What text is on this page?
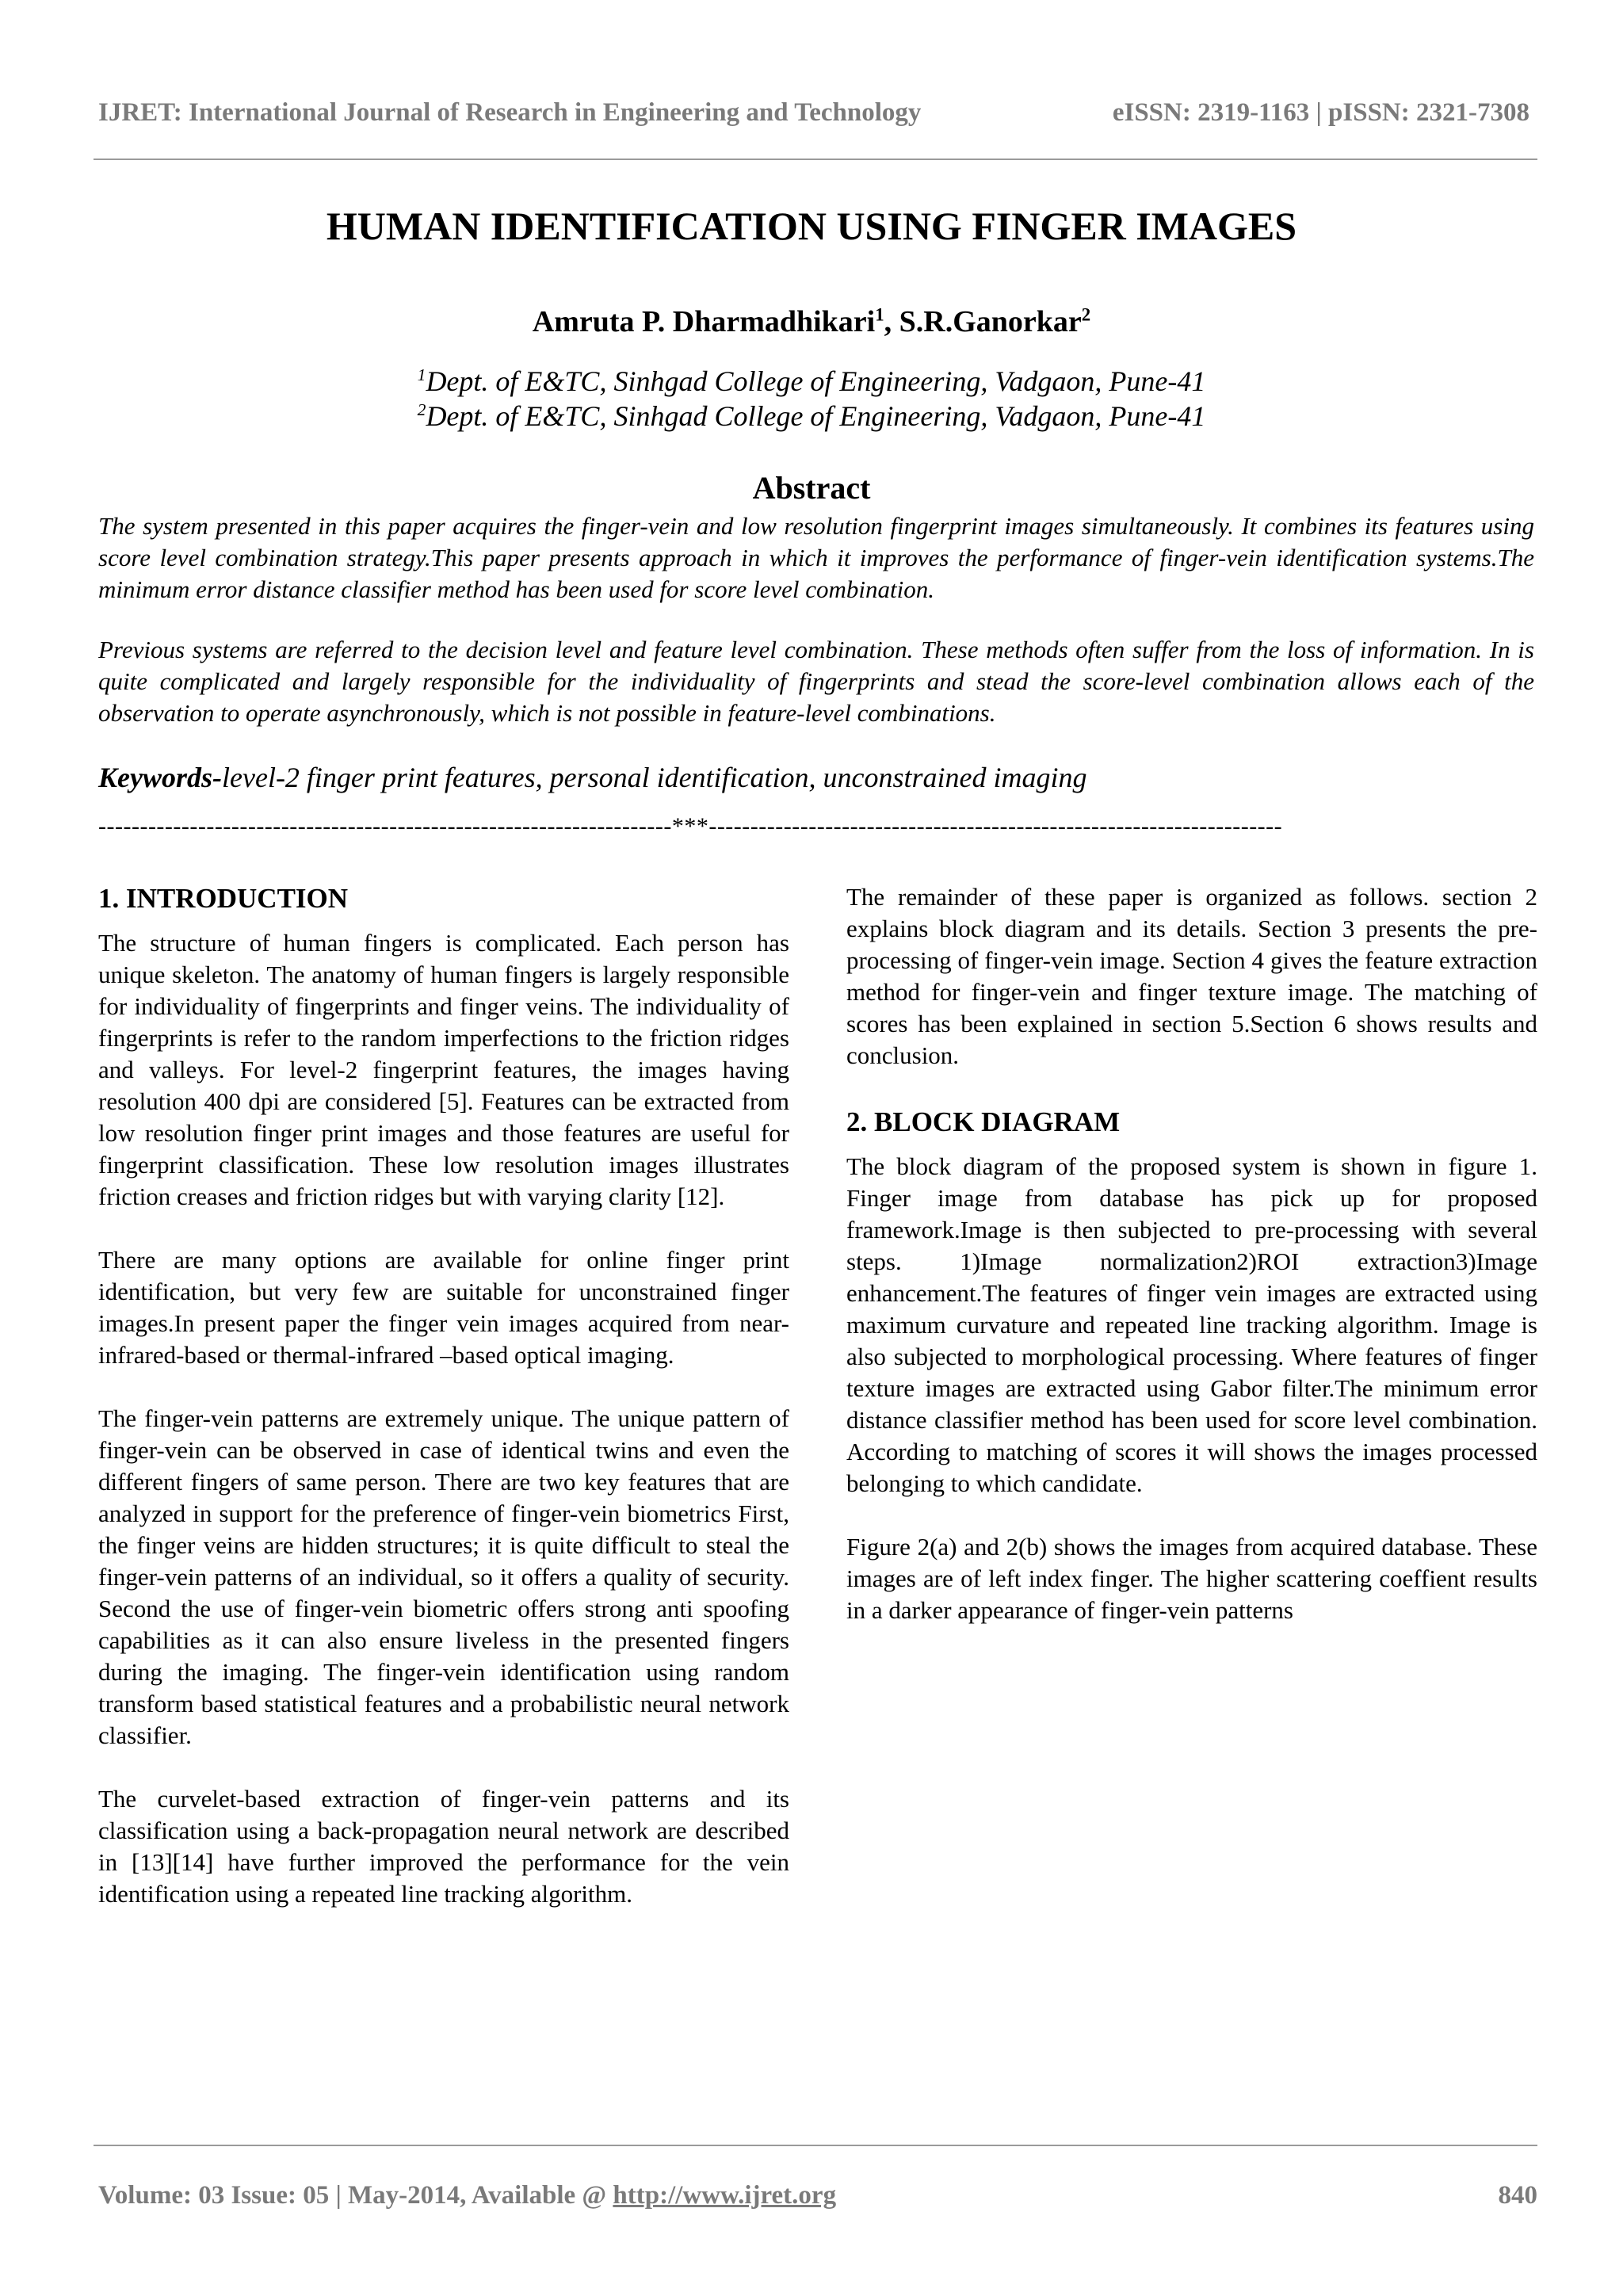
IJRET: International Journal of Research in Engineering and Technology	eISSN: 2319-1163 | pISSN: 2321-7308
HUMAN IDENTIFICATION USING FINGER IMAGES
Amruta P. Dharmadhikari$^1$, S.R.Ganorkar$^2$
$^1$Dept. of E&TC, Sinhgad College of Engineering, Vadgaon, Pune-41
$^2$Dept. of E&TC, Sinhgad College of Engineering, Vadgaon, Pune-41
Abstract
The system presented in this paper acquires the finger-vein and low resolution fingerprint images simultaneously. It combines its features using score level combination strategy.This paper presents approach in which it improves the performance of finger-vein identification systems.The minimum error distance classifier method has been used for score level combination.
Previous systems are referred to the decision level and feature level combination. These methods often suffer from the loss of information. In is quite complicated and largely responsible for the individuality of fingerprints and stead the score-level combination allows each of the observation to operate asynchronously, which is not possible in feature-level combinations.
Keywords-level-2 finger print features, personal identification, unconstrained imaging
---------------------------------------------------------------------***---------------------------------------------------------------------
1. INTRODUCTION

The structure of human fingers is complicated. Each person has unique skeleton. The anatomy of human fingers is largely responsible for individuality of fingerprints and finger veins. The individuality of fingerprints is refer to the random imperfections to the friction ridges and valleys. For level-2 fingerprint features, the images having resolution 400 dpi are considered [5]. Features can be extracted from low resolution finger print images and those features are useful for fingerprint classification. These low resolution images illustrates friction creases and friction ridges but with varying clarity [12].

There are many options are available for online finger print identification, but very few are suitable for unconstrained finger images.In present paper the finger vein images acquired from near-infrared-based or thermal-infrared –based optical imaging.

The finger-vein patterns are extremely unique. The unique pattern of finger-vein can be observed in case of identical twins and even the different fingers of same person. There are two key features that are analyzed in support for the preference of finger-vein biometrics First, the finger veins are hidden structures; it is quite difficult to steal the finger-vein patterns of an individual, so it offers a quality of security. Second the use of finger-vein biometric offers strong anti spoofing capabilities as it can also ensure liveless in the presented fingers during the imaging. The finger-vein identification using random transform based statistical features and a probabilistic neural network classifier.

The curvelet-based extraction of finger-vein patterns and its classification using a back-propagation neural network are described in [13][14] have further improved the performance for the vein identification using a repeated line tracking algorithm.

The remainder of these paper is organized as follows. section 2 explains block diagram and its details. Section 3 presents the pre-processing of finger-vein image. Section 4 gives the feature extraction method for finger-vein and finger texture image. The matching of scores has been explained in section 5.Section 6 shows results and conclusion.

2. BLOCK DIAGRAM

The block diagram of the proposed system is shown in figure 1. Finger image from database has pick up for proposed framework.Image is then subjected to pre-processing with several steps. 1)Image normalization2)ROI extraction3)Image enhancement.The features of finger vein images are extracted using maximum curvature and repeated line tracking algorithm. Image is also subjected to morphological processing. Where features of finger texture images are extracted using Gabor filter.The minimum error distance classifier method has been used for score level combination. According to matching of scores it will shows the images processed belonging to which candidate.

Figure 2(a) and 2(b) shows the images from acquired database. These images are of left index finger. The higher scattering coeffient results in a darker appearance of finger-vein patterns

Volume: 03 Issue: 05 | May-2014, Available @ http://www.ijret.org	840
